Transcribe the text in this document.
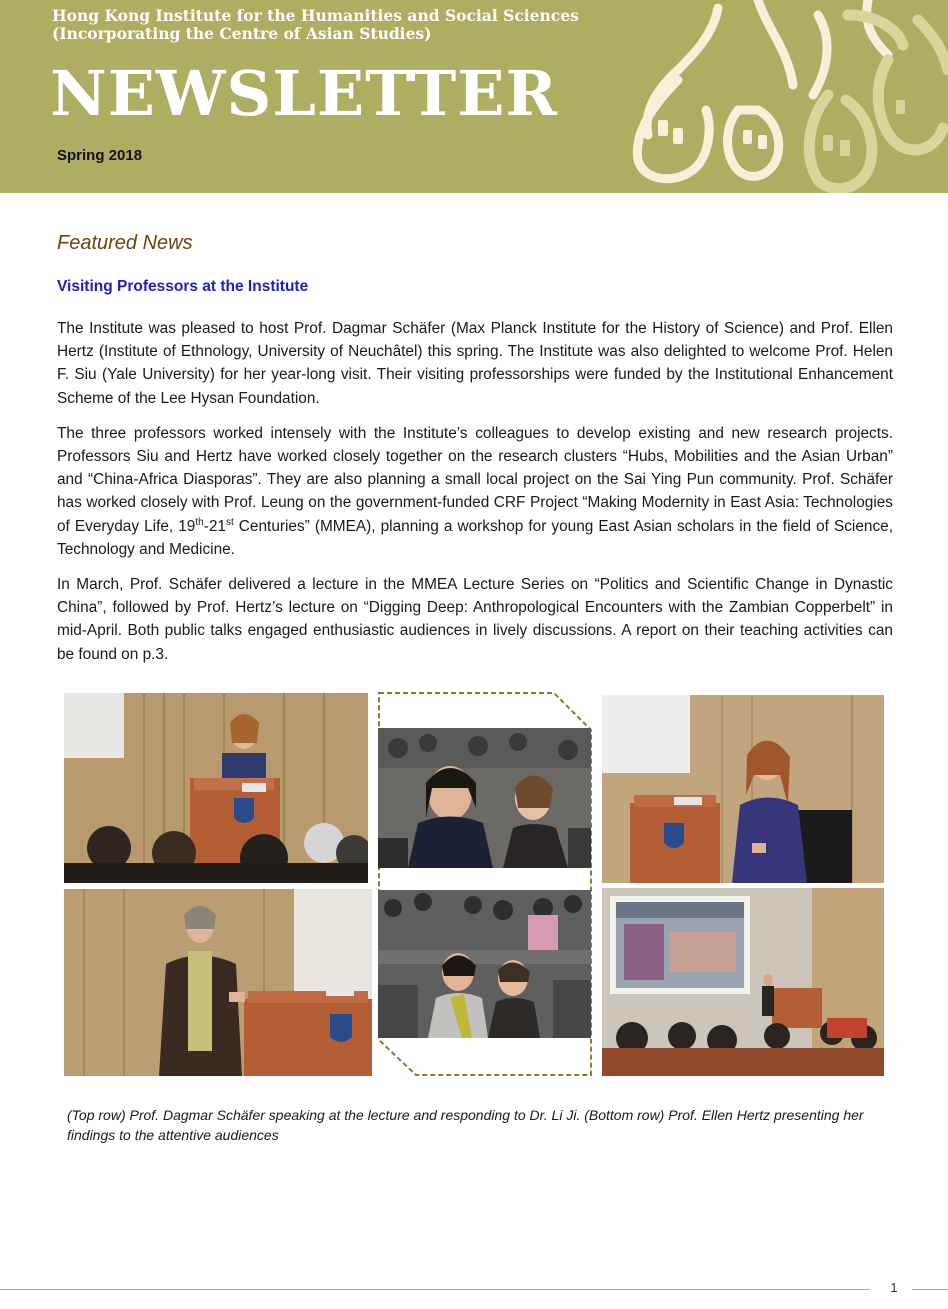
Hong Kong Institute for the Humanities and Social Sciences
(Incorporating the Centre of Asian Studies)
NEWSLETTER
Spring 2018
Featured News
Visiting Professors at the Institute

The Institute was pleased to host Prof. Dagmar Schäfer (Max Planck Institute for the History of Science) and Prof. Ellen Hertz (Institute of Ethnology, University of Neuchâtel) this spring. The Institute was also delighted to welcome Prof. Helen F. Siu (Yale University) for her year-long visit. Their visiting professorships were funded by the Institutional Enhancement Scheme of the Lee Hysan Foundation.

The three professors worked intensely with the Institute’s colleagues to develop existing and new research projects. Professors Siu and Hertz have worked closely together on the research clusters “Hubs, Mobilities and the Asian Urban” and “China-Africa Diasporas”. They are also planning a small local project on the Sai Ying Pun community. Prof. Schäfer has worked closely with Prof. Leung on the government-funded CRF Project “Making Modernity in East Asia: Technologies of Everyday Life, 19th-21st Centuries” (MMEA), planning a workshop for young East Asian scholars in the field of Science, Technology and Medicine.

In March, Prof. Schäfer delivered a lecture in the MMEA Lecture Series on “Politics and Scientific Change in Dynastic China”, followed by Prof. Hertz’s lecture on “Digging Deep: Anthropological Encounters with the Zambian Copperbelt” in mid-April. Both public talks engaged enthusiastic audiences in lively discussions. A report on their teaching activities can be found on p.3.

(Top row) Prof. Dagmar Schäfer speaking at the lecture and responding to Dr. Li Ji. (Bottom row) Prof. Ellen Hertz presenting her findings to the attentive audiences
1
